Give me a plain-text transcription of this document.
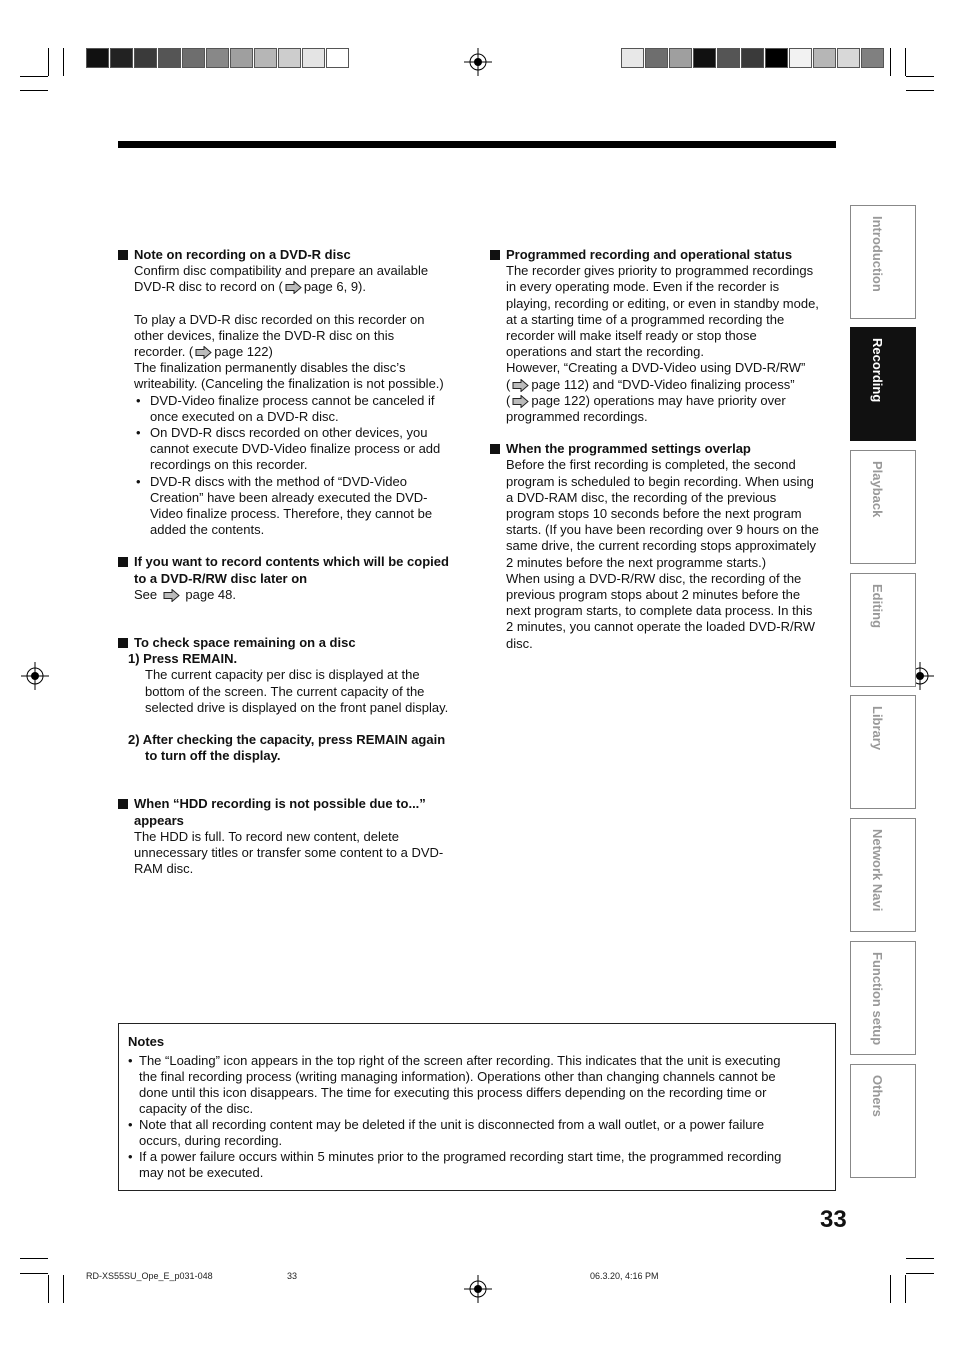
Note on recording on a DVD-R disc

Confirm disc compatibility and prepare an available

DVD-R disc to record on ( page 6, 9).

To play a DVD-R disc recorded on this recorder on

other devices, finalize the DVD-R disc on this

recorder. ( page 122)

The finalization permanently disables the disc’s

writeability. (Canceling the finalization is not possible.)

• DVD-Video finalize process cannot be canceled if

once executed on a DVD-R disc.

• On DVD-R discs recorded on other devices, you

cannot execute DVD-Video finalize process or add

recordings on this recorder.

• DVD-R discs with the method of “DVD-Video

Creation” have been already executed the DVD-

Video finalize process. Therefore, they cannot be

added the contents.

If you want to record contents which will be copied

to a DVD-R/RW disc later on

See page 48.

To check space remaining on a disc

1) Press REMAIN.

The current capacity per disc is displayed at the

bottom of the screen. The current capacity of the

selected drive is displayed on the front panel display.

2) After checking the capacity, press REMAIN again

to turn off the display.

When “HDD recording is not possible due to...”

appears

The HDD is full. To record new content, delete

unnecessary titles or transfer some content to a DVD-

RAM disc.

Programmed recording and operational status

The recorder gives priority to programmed recordings

in every operating mode. Even if the recorder is

playing, recording or editing, or even in standby mode,

at a starting time of a programmed recording the

recorder will make itself ready or stop those

operations and start the recording.

However, “Creating a DVD-Video using DVD-R/RW”

( page 112) and “DVD-Video finalizing process”

( page 122) operations may have priority over

programmed recordings.

When the programmed settings overlap

Before the first recording is completed, the second

program is scheduled to begin recording. When using

a DVD-RAM disc, the recording of the previous

program stops 10 seconds before the next program

starts. (If you have been recording over 9 hours on the

same drive, the current recording stops approximately

2 minutes before the next programme starts.)

When using a DVD-R/RW disc, the recording of the

previous program stops about 2 minutes before the

next program starts, to complete data process. In this

2 minutes, you cannot operate the loaded DVD-R/RW

disc.

Notes
• The “Loading” icon appears in the top right of the screen after recording. This indicates that the unit is executing
the final recording process (writing managing information). Operations other than changing channels cannot be
done until this icon disappears. The time for executing this process differs depending on the recording time or
capacity of the disc.
• Note that all recording content may be deleted if the unit is disconnected from a wall outlet, or a power failure
occurs, during recording.
• If a power failure occurs within 5 minutes prior to the programed recording start time, the programmed recording
may not be executed.
Introduction
Recording
Playback
Editing
Library
Network Navi
Function setup
Others
33
RD-XS55SU_Ope_E_p031-048	33	06.3.20, 4:16 PM
